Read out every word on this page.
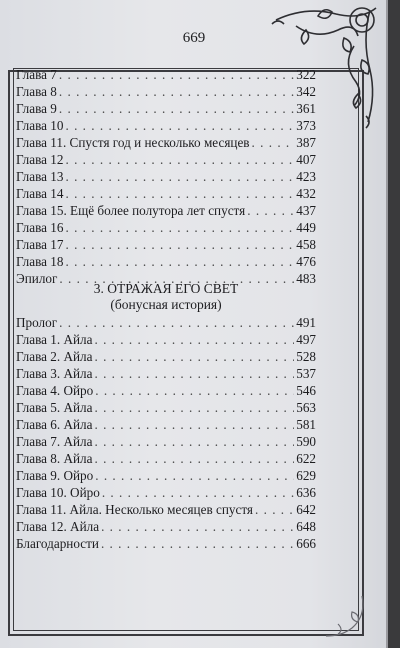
669
Глава 7 . . .	322
Глава 8 . . .	342
Глава 9 . . .	361
Глава 10 . . .	373
Глава 11. Спустя год и несколько месяцев . . .	387
Глава 12 . . .	407
Глава 13 . . .	423
Глава 14 . . .	432
Глава 15. Ещё более полутора лет спустя . . .	437
Глава 16 . . .	449
Глава 17 . . .	458
Глава 18 . . .	476
Эпилог . . .	483
3. ОТРАЖАЯ ЕГО СВЕТ
(бонусная история)
Пролог . . .	491
Глава 1. Айла . . .	497
Глава 2. Айла . . .	528
Глава 3. Айла . . .	537
Глава 4. Ойро . . .	546
Глава 5. Айла . . .	563
Глава 6. Айла . . .	581
Глава 7. Айла . . .	590
Глава 8. Айла . . .	622
Глава 9. Ойро . . .	629
Глава 10. Ойро . . .	636
Глава 11. Айла. Несколько месяцев спустя . . .	642
Глава 12. Айла . . .	648
Благодарности . . .	666
